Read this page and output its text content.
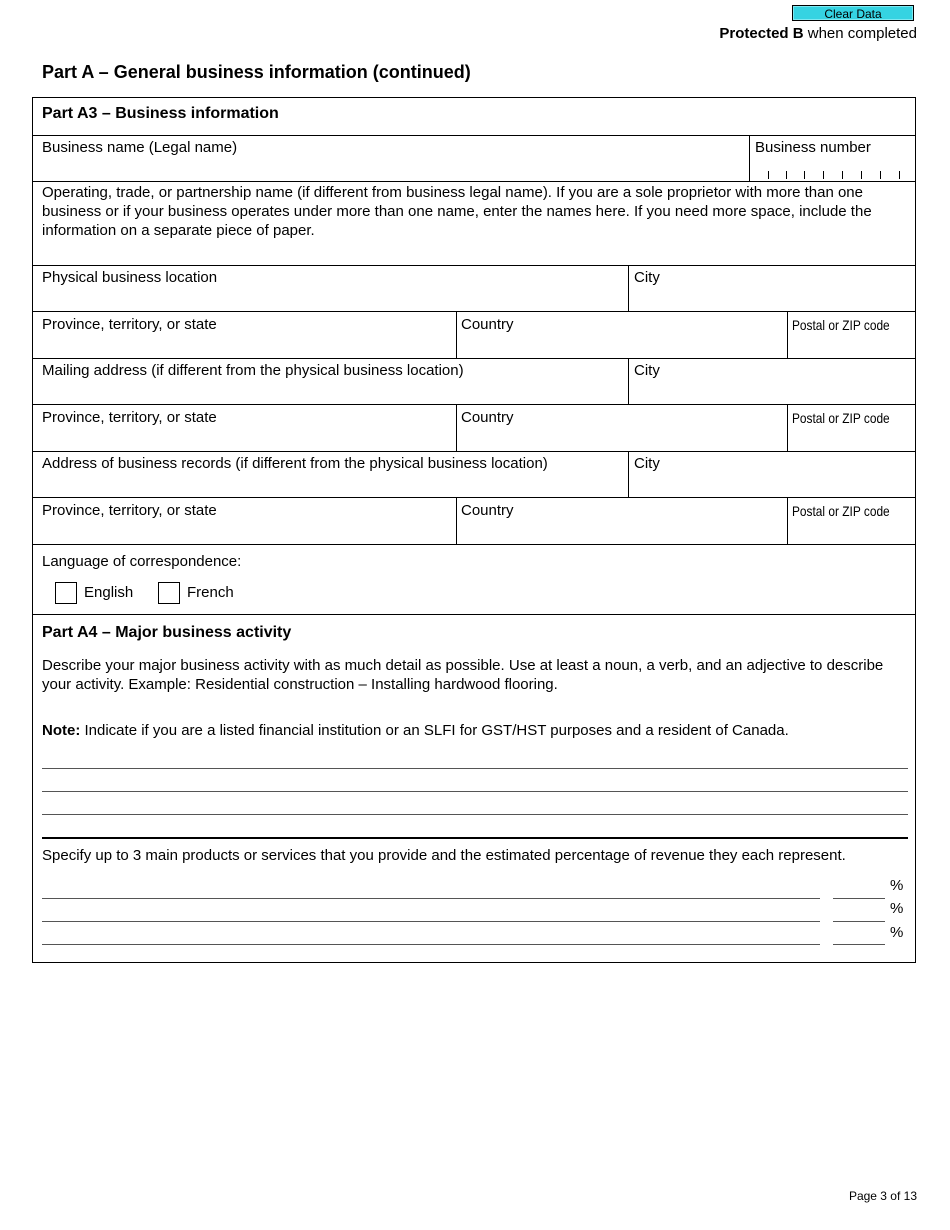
Clear Data
Protected B when completed
Part A – General business information (continued)
Part A3 – Business information
Business name (Legal name)	Business number
Operating, trade, or partnership name (if different from business legal name). If you are a sole proprietor with more than one business or if your business operates under more than one name, enter the names here. If you need more space, include the information on a separate piece of paper.
Physical business location	City
Province, territory, or state	Country	Postal or ZIP code
Mailing address (if different from the physical business location)	City
Province, territory, or state	Country	Postal or ZIP code
Address of business records (if different from the physical business location)	City
Province, territory, or state	Country	Postal or ZIP code
Language of correspondence:
English	French
Part A4 – Major business activity
Describe your major business activity with as much detail as possible. Use at least a noun, a verb, and an adjective to describe your activity. Example: Residential construction – Installing hardwood flooring.
Note: Indicate if you are a listed financial institution or an SLFI for GST/HST purposes and a resident of Canada.
Specify up to 3 main products or services that you provide and the estimated percentage of revenue they each represent.
%
%
%
Page 3 of 13
